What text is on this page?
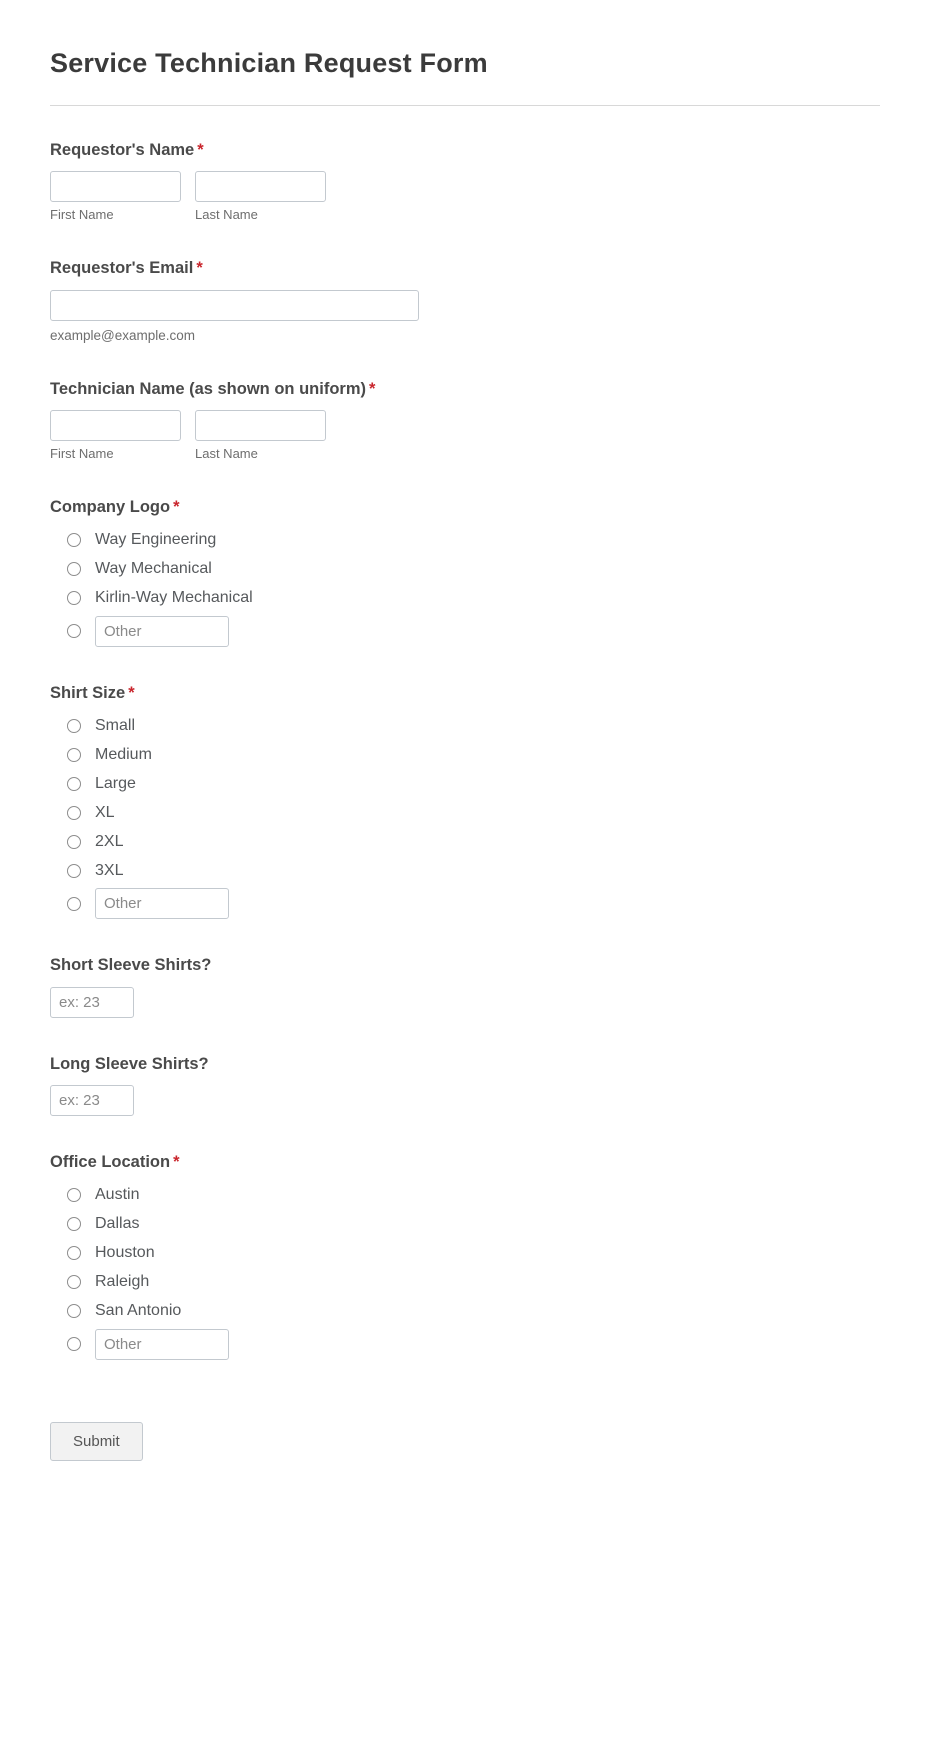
Service Technician Request Form
Requestor's Name *
First Name	Last Name
Requestor's Email *
example@example.com
Technician Name (as shown on uniform) *
First Name	Last Name
Company Logo *
Way Engineering
Way Mechanical
Kirlin-Way Mechanical
Other
Shirt Size *
Small
Medium
Large
XL
2XL
3XL
Other
Short Sleeve Shirts?
ex: 23
Long Sleeve Shirts?
ex: 23
Office Location *
Austin
Dallas
Houston
Raleigh
San Antonio
Other
Submit
